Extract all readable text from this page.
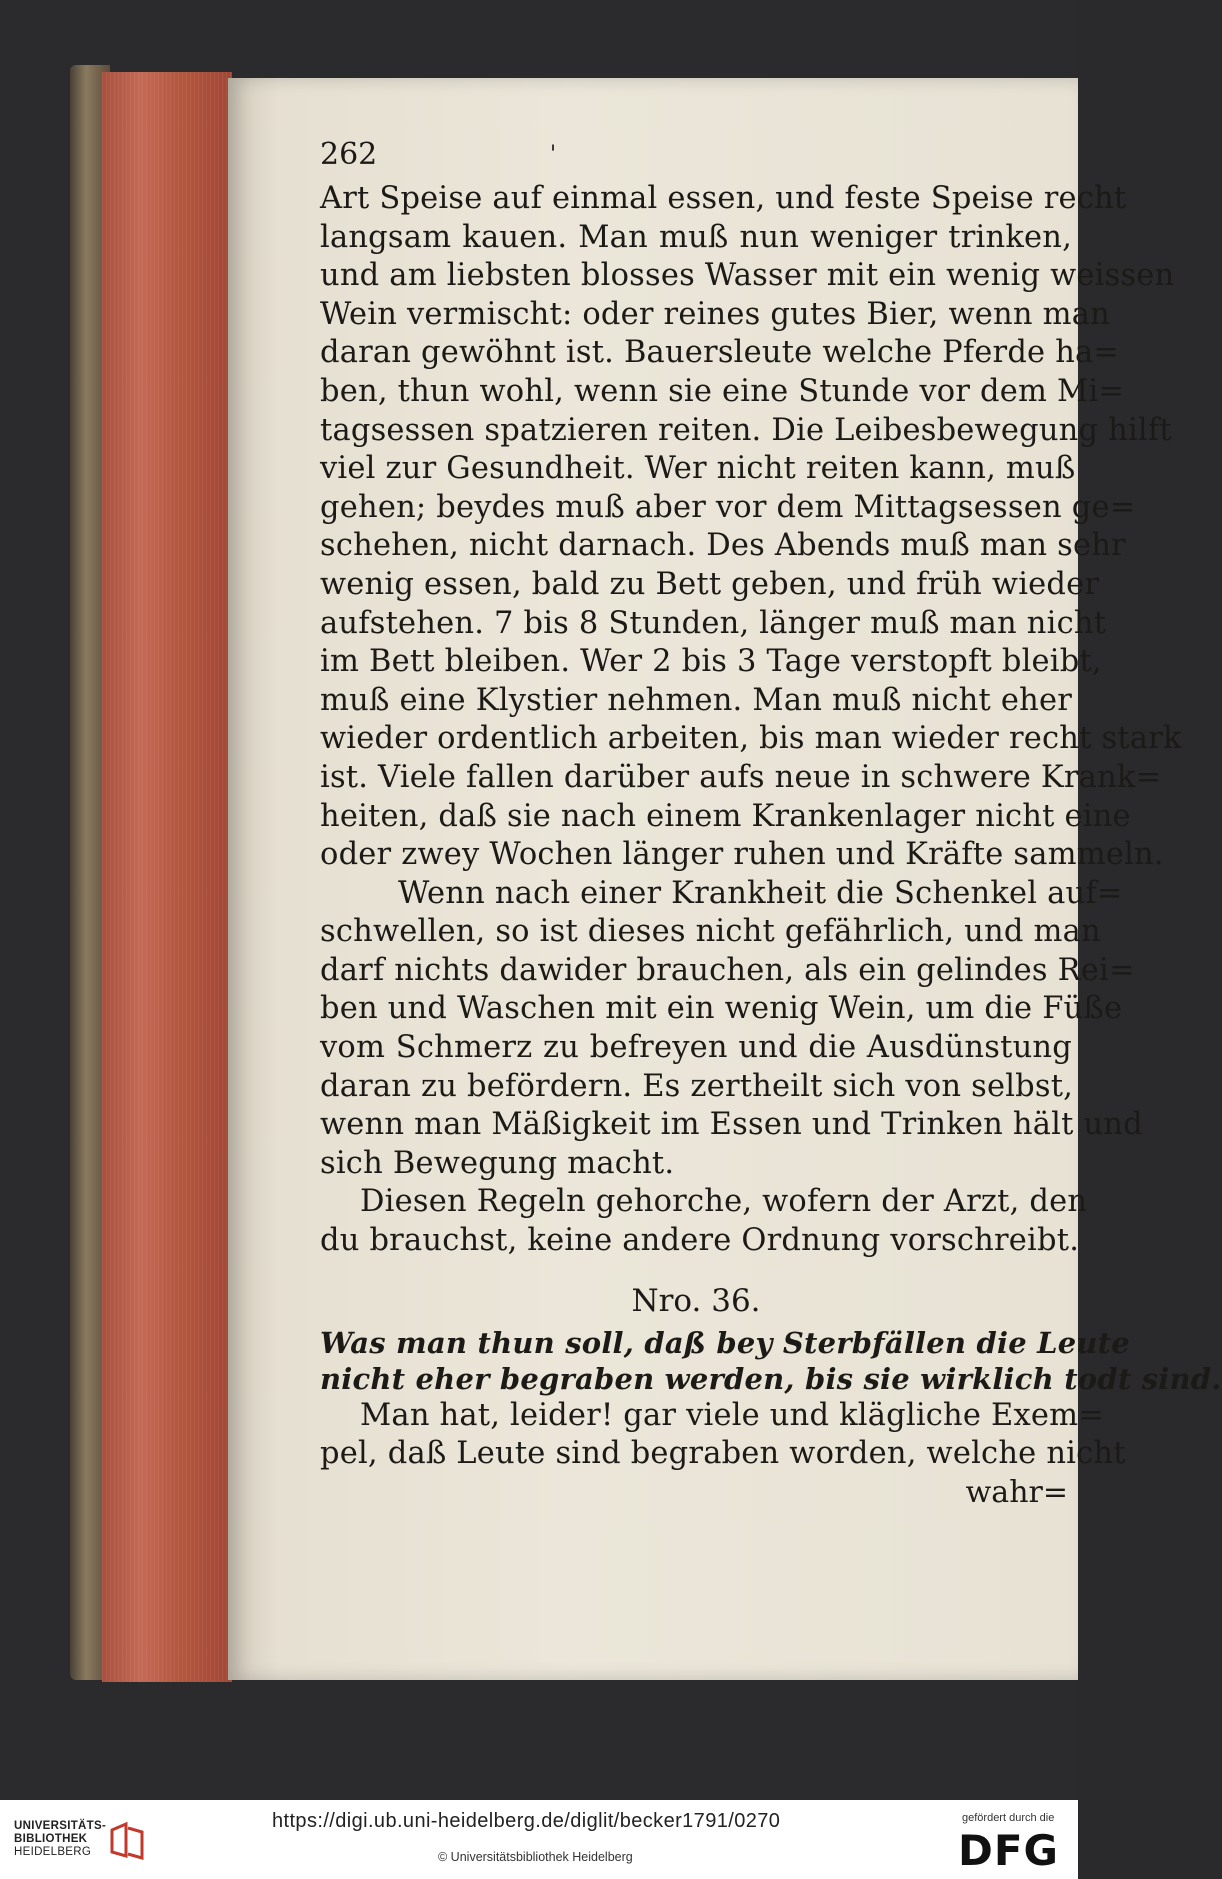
262	'
Art Speise auf einmal essen, und feste Speise recht
langsam kauen. Man muß nun weniger trinken,
und am liebsten blosses Wasser mit ein wenig weissen
Wein vermischt: oder reines gutes Bier, wenn man
daran gewöhnt ist. Bauersleute welche Pferde ha=
ben, thun wohl, wenn sie eine Stunde vor dem Mi=
tagsessen spatzieren reiten. Die Leibesbewegung hilft
viel zur Gesundheit. Wer nicht reiten kann, muß
gehen; beydes muß aber vor dem Mittagsessen ge=
schehen, nicht darnach. Des Abends muß man sehr
wenig essen, bald zu Bett geben, und früh wieder
aufstehen. 7 bis 8 Stunden, länger muß man nicht
im Bett bleiben. Wer 2 bis 3 Tage verstopft bleibt,
muß eine Klystier nehmen. Man muß nicht eher
wieder ordentlich arbeiten, bis man wieder recht stark
ist. Viele fallen darüber aufs neue in schwere Krank=
heiten, daß sie nach einem Krankenlager nicht eine
oder zwey Wochen länger ruhen und Kräfte sammeln.
Wenn nach einer Krankheit die Schenkel auf=
schwellen, so ist dieses nicht gefährlich, und man
darf nichts dawider brauchen, als ein gelindes Rei=
ben und Waschen mit ein wenig Wein, um die Füße
vom Schmerz zu befreyen und die Ausdünstung
daran zu befördern. Es zertheilt sich von selbst,
wenn man Mäßigkeit im Essen und Trinken hält und
sich Bewegung macht.
Diesen Regeln gehorche, wofern der Arzt, den
du brauchst, keine andere Ordnung vorschreibt.
Nro. 36.
Was man thun soll, daß bey Sterbfällen die Leute
nicht eher begraben werden, bis sie wirklich todt sind.
Man hat, leider! gar viele und klägliche Exem=
pel, daß Leute sind begraben worden, welche nicht
wahr=
UNIVERSITÄTS-
BIBLIOTHEK
HEIDELBERG
https://digi.ub.uni-heidelberg.de/diglit/becker1791/0270
© Universitätsbibliothek Heidelberg
gefördert durch die
DFG
